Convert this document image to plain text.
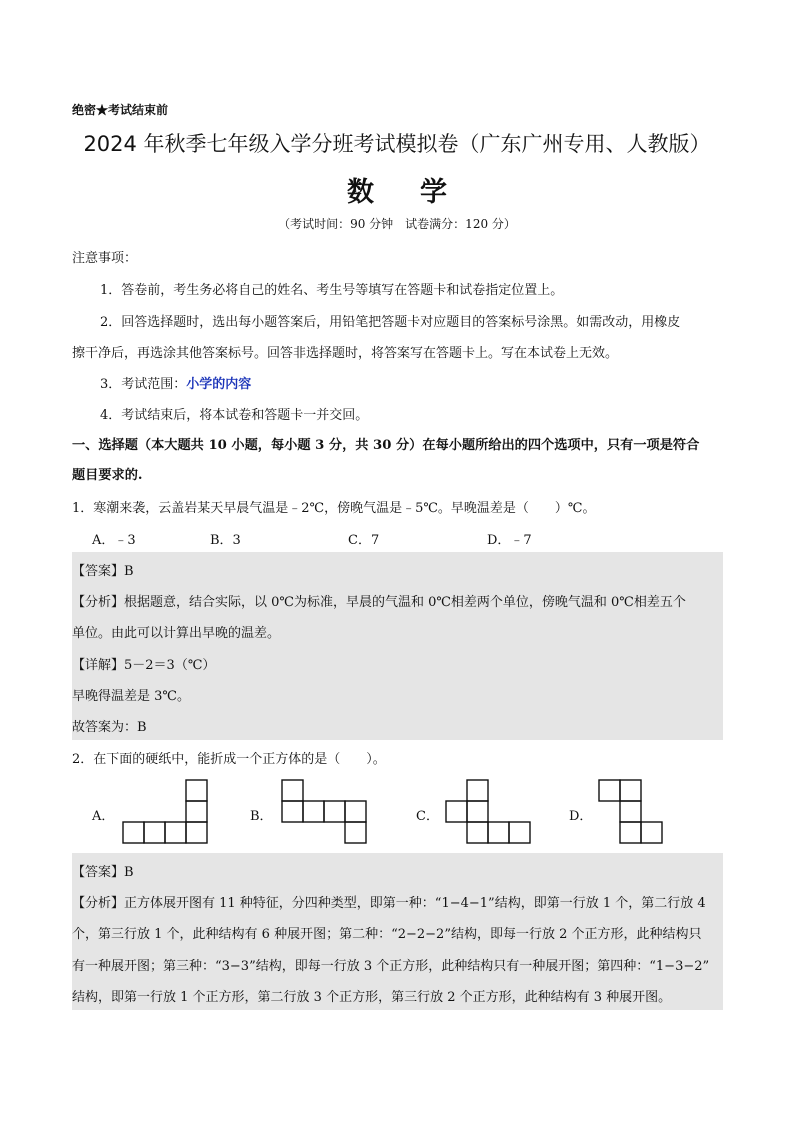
绝密★考试结束前
2024 年秋季七年级入学分班考试模拟卷（广东广州专用、人教版）
数学
（考试时间：90 分钟　试卷满分：120 分）
注意事项：
1．答卷前，考生务必将自己的姓名、考生号等填写在答题卡和试卷指定位置上。
2．回答选择题时，选出每小题答案后，用铅笔把答题卡对应题目的答案标号涂黑。如需改动，用橡皮
擦干净后，再选涂其他答案标号。回答非选择题时，将答案写在答题卡上。写在本试卷上无效。
3．考试范围：小学的内容
4．考试结束后，将本试卷和答题卡一并交回。
一、选择题（本大题共 10 小题，每小题 3 分，共 30 分）在每小题所给出的四个选项中，只有一项是符合
题目要求的.
1．寒潮来袭，云盖岩某天早晨气温是﹣2℃，傍晚气温是﹣5℃。早晚温差是（　　）℃。
A．﹣3	B．3	C．7	D．﹣7
【答案】B
【分析】根据题意，结合实际，以 0℃为标准，早晨的气温和 0℃相差两个单位，傍晚气温和 0℃相差五个
单位。由此可以计算出早晚的温差。
【详解】5－2＝3（℃）
早晚得温差是 3℃。
故答案为：B
2．在下面的硬纸中，能折成一个正方体的是（　　）。
A．	B．	C．	D．
【答案】B
【分析】正方体展开图有 11 种特征，分四种类型，即第一种：“1−4−1”结构，即第一行放 1 个，第二行放 4
个，第三行放 1 个，此种结构有 6 种展开图；第二种：“2−2−2”结构，即每一行放 2 个正方形，此种结构只
有一种展开图；第三种：“3−3”结构，即每一行放 3 个正方形，此种结构只有一种展开图；第四种：“1−3−2”
结构，即第一行放 1 个正方形，第二行放 3 个正方形，第三行放 2 个正方形，此种结构有 3 种展开图。
